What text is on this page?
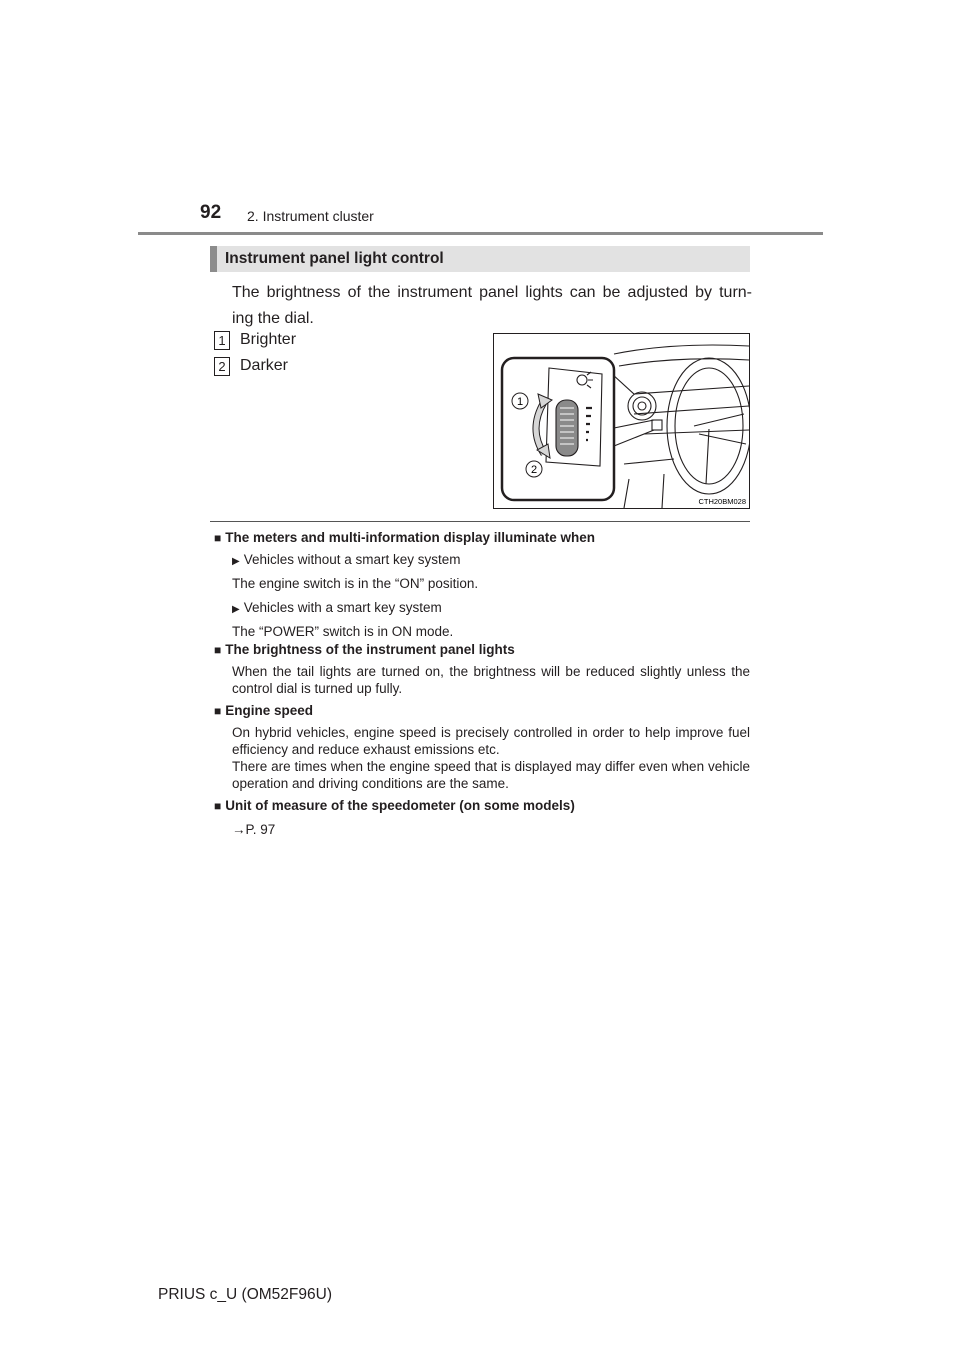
92 2. Instrument cluster
Instrument panel light control
The brightness of the instrument panel lights can be adjusted by turn-
ing the dial.
1 Brighter
2 Darker
1
2
CTH20BM028
■ The meters and multi-information display illuminate when
▶ Vehicles without a smart key system
The engine switch is in the “ON” position.
▶ Vehicles with a smart key system
The “POWER” switch is in ON mode.
■ The brightness of the instrument panel lights
When the tail lights are turned on, the brightness will be reduced slightly unless the control dial is turned up fully.
■ Engine speed
On hybrid vehicles, engine speed is precisely controlled in order to help improve fuel efficiency and reduce exhaust emissions etc.
There are times when the engine speed that is displayed may differ even when vehicle operation and driving conditions are the same.
■ Unit of measure of the speedometer (on some models)
→P. 97
PRIUS c_U (OM52F96U)
